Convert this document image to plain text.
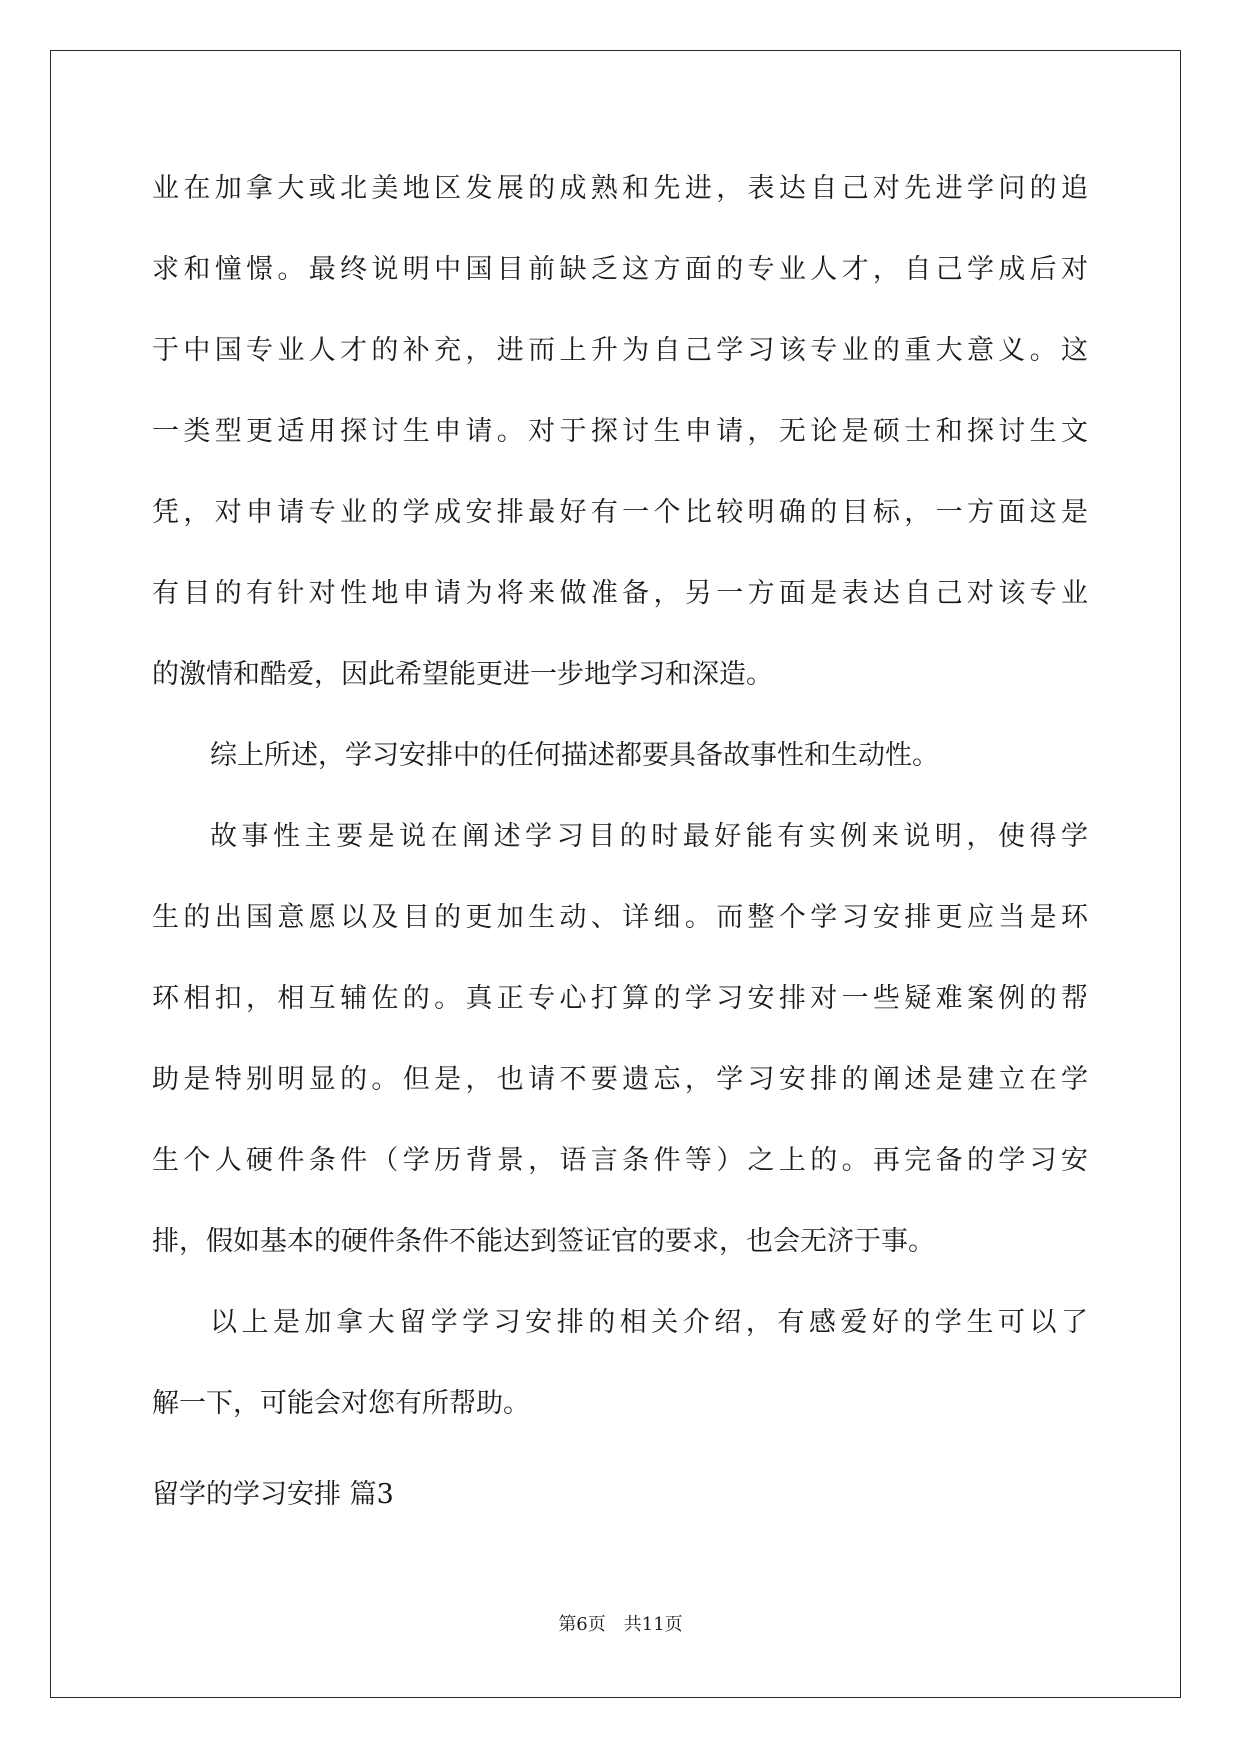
业在加拿大或北美地区发展的成熟和先进，表达自己对先进学问的追
求和憧憬。最终说明中国目前缺乏这方面的专业人才，自己学成后对
于中国专业人才的补充，进而上升为自己学习该专业的重大意义。这
一类型更适用探讨生申请。对于探讨生申请，无论是硕士和探讨生文
凭，对申请专业的学成安排最好有一个比较明确的目标，一方面这是
有目的有针对性地申请为将来做准备，另一方面是表达自己对该专业
的激情和酷爱，因此希望能更进一步地学习和深造。
综上所述，学习安排中的任何描述都要具备故事性和生动性。
故事性主要是说在阐述学习目的时最好能有实例来说明，使得学
生的出国意愿以及目的更加生动、详细。而整个学习安排更应当是环
环相扣，相互辅佐的。真正专心打算的学习安排对一些疑难案例的帮
助是特别明显的。但是，也请不要遗忘，学习安排的阐述是建立在学
生个人硬件条件（学历背景，语言条件等）之上的。再完备的学习安
排，假如基本的硬件条件不能达到签证官的要求，也会无济于事。
以上是加拿大留学学习安排的相关介绍，有感爱好的学生可以了
解一下，可能会对您有所帮助。
留学的学习安排 篇3
第6页　共11页
